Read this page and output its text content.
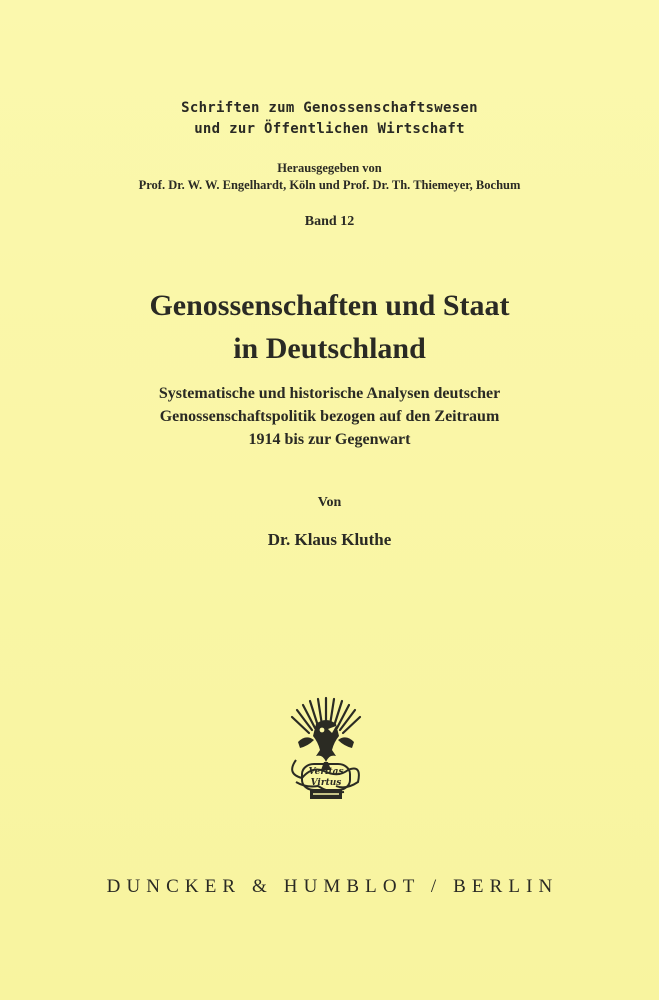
Schriften zum Genossenschaftswesen
und zur Öffentlichen Wirtschaft
Herausgegeben von
Prof. Dr. W. W. Engelhardt, Köln und Prof. Dr. Th. Thiemeyer, Bochum
Band 12
Genossenschaften und Staat
in Deutschland
Systematische und historische Analysen deutscher
Genossenschaftspolitik bezogen auf den Zeitraum
1914 bis zur Gegenwart
Von
Dr. Klaus Kluthe
Veritas
Virtus
DUNCKER & HUMBLOT / BERLIN
